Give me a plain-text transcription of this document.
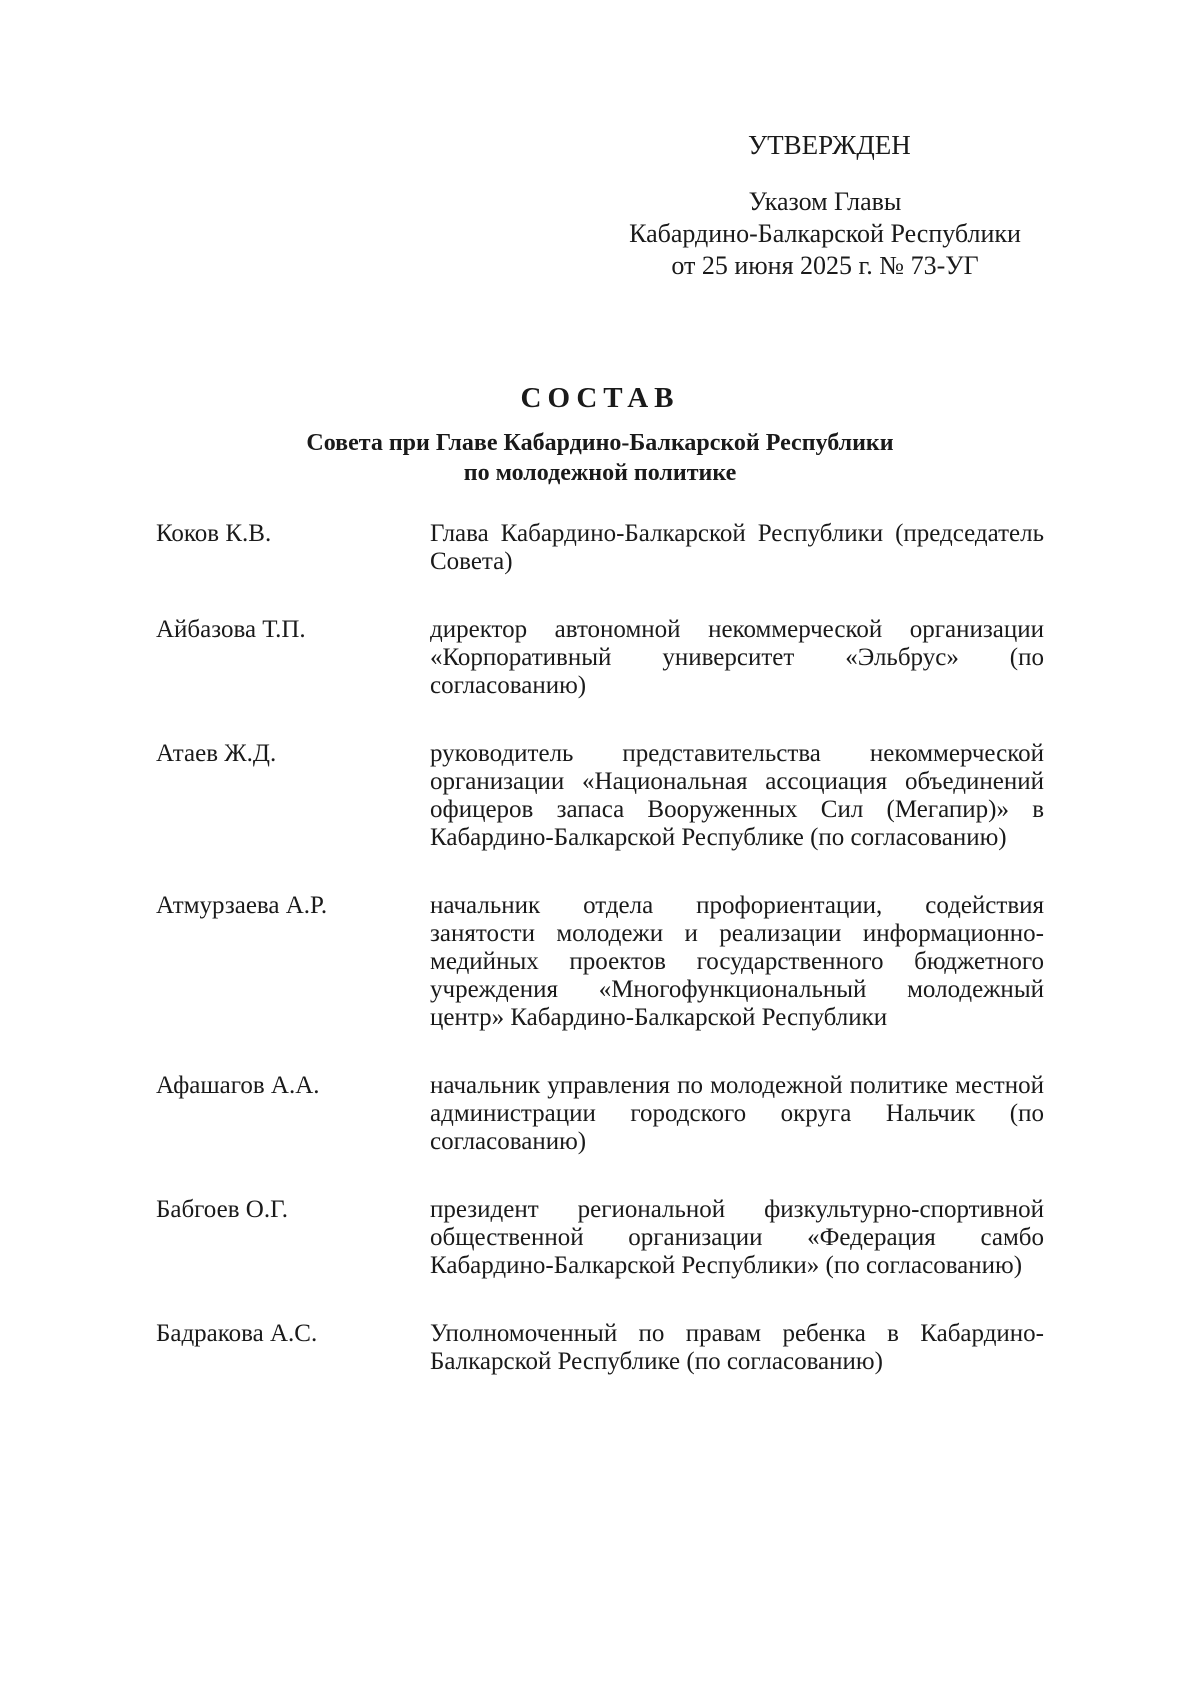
УТВЕРЖДЕН
Указом Главы
Кабардино-Балкарской Республики
от 25 июня 2025 г. № 73-УГ
СОСТАВ
Совета при Главе Кабардино-Балкарской Республики
по молодежной политике
Коков К.В.	Глава Кабардино-Балкарской Республики (председатель Совета)
Айбазова Т.П.	директор автономной некоммерческой организации «Корпоративный университет «Эльбрус» (по согласованию)
Атаев Ж.Д.	руководитель представительства некоммерческой организации «Национальная ассоциация объединений офицеров запаса Вооруженных Сил (Мегапир)» в Кабардино-Балкарской Республике (по согласованию)
Атмурзаева А.Р.	начальник отдела профориентации, содействия занятости молодежи и реализации информационно-медийных проектов государственного бюджетного учреждения «Многофункциональный молодежный центр» Кабардино-Балкарской Республики
Афашагов А.А.	начальник управления по молодежной политике местной администрации городского округа Нальчик (по согласованию)
Бабгоев О.Г.	президент региональной физкультурно-спортивной общественной организации «Федерация самбо Кабардино-Балкарской Республики» (по согласованию)
Бадракова А.С.	Уполномоченный по правам ребенка в Кабардино-Балкарской Республике (по согласованию)
